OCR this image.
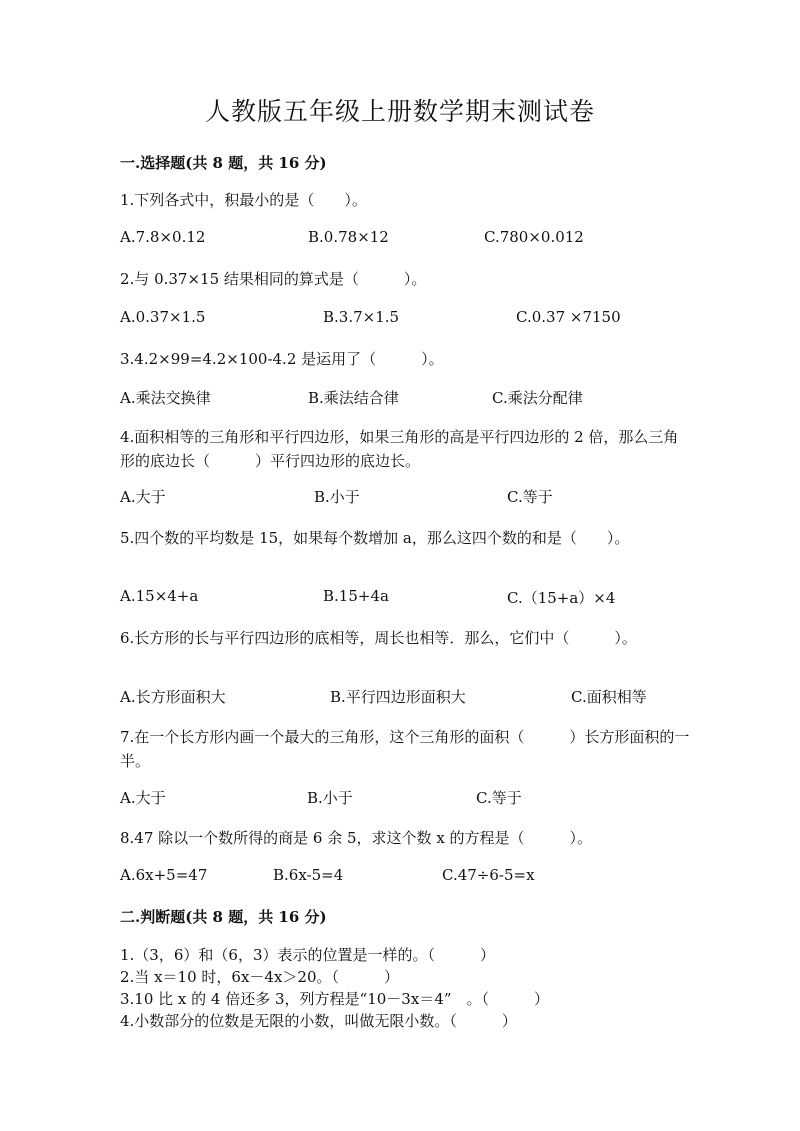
人教版五年级上册数学期末测试卷
一.选择题(共 8 题，共 16 分)
1.下列各式中，积最小的是（　　）。
A.7.8×0.12	B.0.78×12	C.780×0.012
2.与 0.37×15 结果相同的算式是（　　　）。
A.0.37×1.5	B.3.7×1.5	C.0.37 ×7150
3.4.2×99=4.2×100-4.2 是运用了（　　　）。
A.乘法交换律	B.乘法结合律	C.乘法分配律
4.面积相等的三角形和平行四边形，如果三角形的高是平行四边形的 2 倍，那么三角形的底边长（　　　）平行四边形的底边长。
A.大于	B.小于	C.等于
5.四个数的平均数是 15，如果每个数增加 a，那么这四个数的和是（　　）。
A.15×4+a	B.15+4a	C.（15+a）×4
6.长方形的长与平行四边形的底相等，周长也相等．那么，它们中（　　　）。
A.长方形面积大	B.平行四边形面积大	C.面积相等
7.在一个长方形内画一个最大的三角形，这个三角形的面积（　　　）长方形面积的一半。
A.大于	B.小于	C.等于
8.47 除以一个数所得的商是 6 余 5，求这个数 x 的方程是（　　　）。
A.6x+5=47	B.6x-5=4	C.47÷6-5=x
二.判断题(共 8 题，共 16 分)
1.（3，6）和（6，3）表示的位置是一样的。（　　　）
2.当 x＝10 时，6x－4x＞20。（　　　）
3.10 比 x 的 4 倍还多 3，列方程是“10－3x＝4”　。（　　　）
4.小数部分的位数是无限的小数，叫做无限小数。（　　　）
